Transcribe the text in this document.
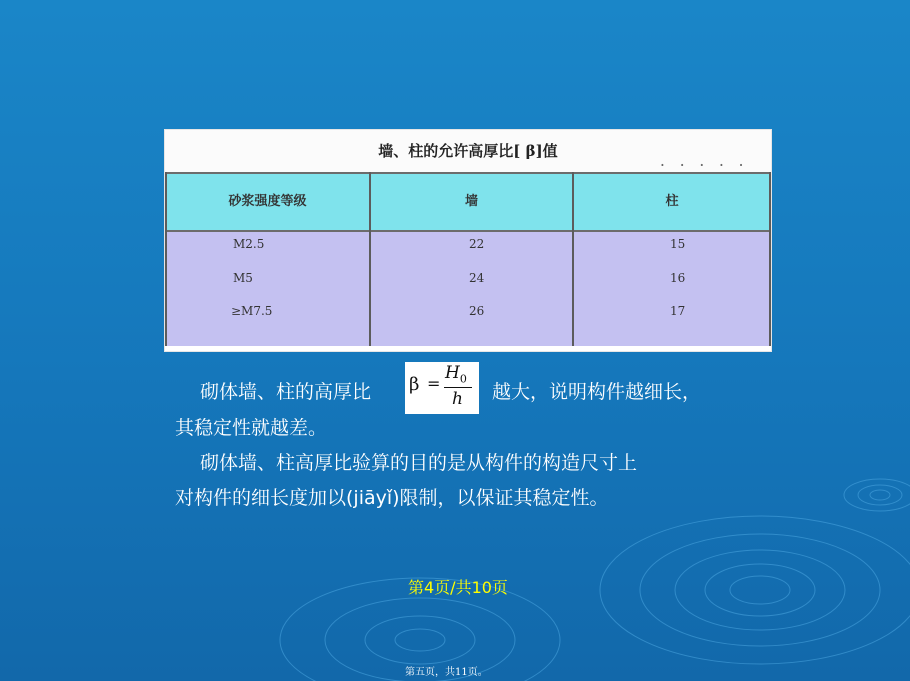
墙、柱的允许高厚比[ β]值
. . . . .
砂浆强度等级	墙	柱
M2.5	22	15
M5	24	16
≥M7.5	26	17
砌体墙、柱的高厚比 β =
$H_0$
h 越大，说明构件越细长，
其稳定性就越差。
砌体墙、柱高厚比验算的目的是从构件的构造尺寸上
对构件的细长度加以(jiāyǐ)限制，以保证其稳定性。
第4页/共10页
第五页，共11页。
